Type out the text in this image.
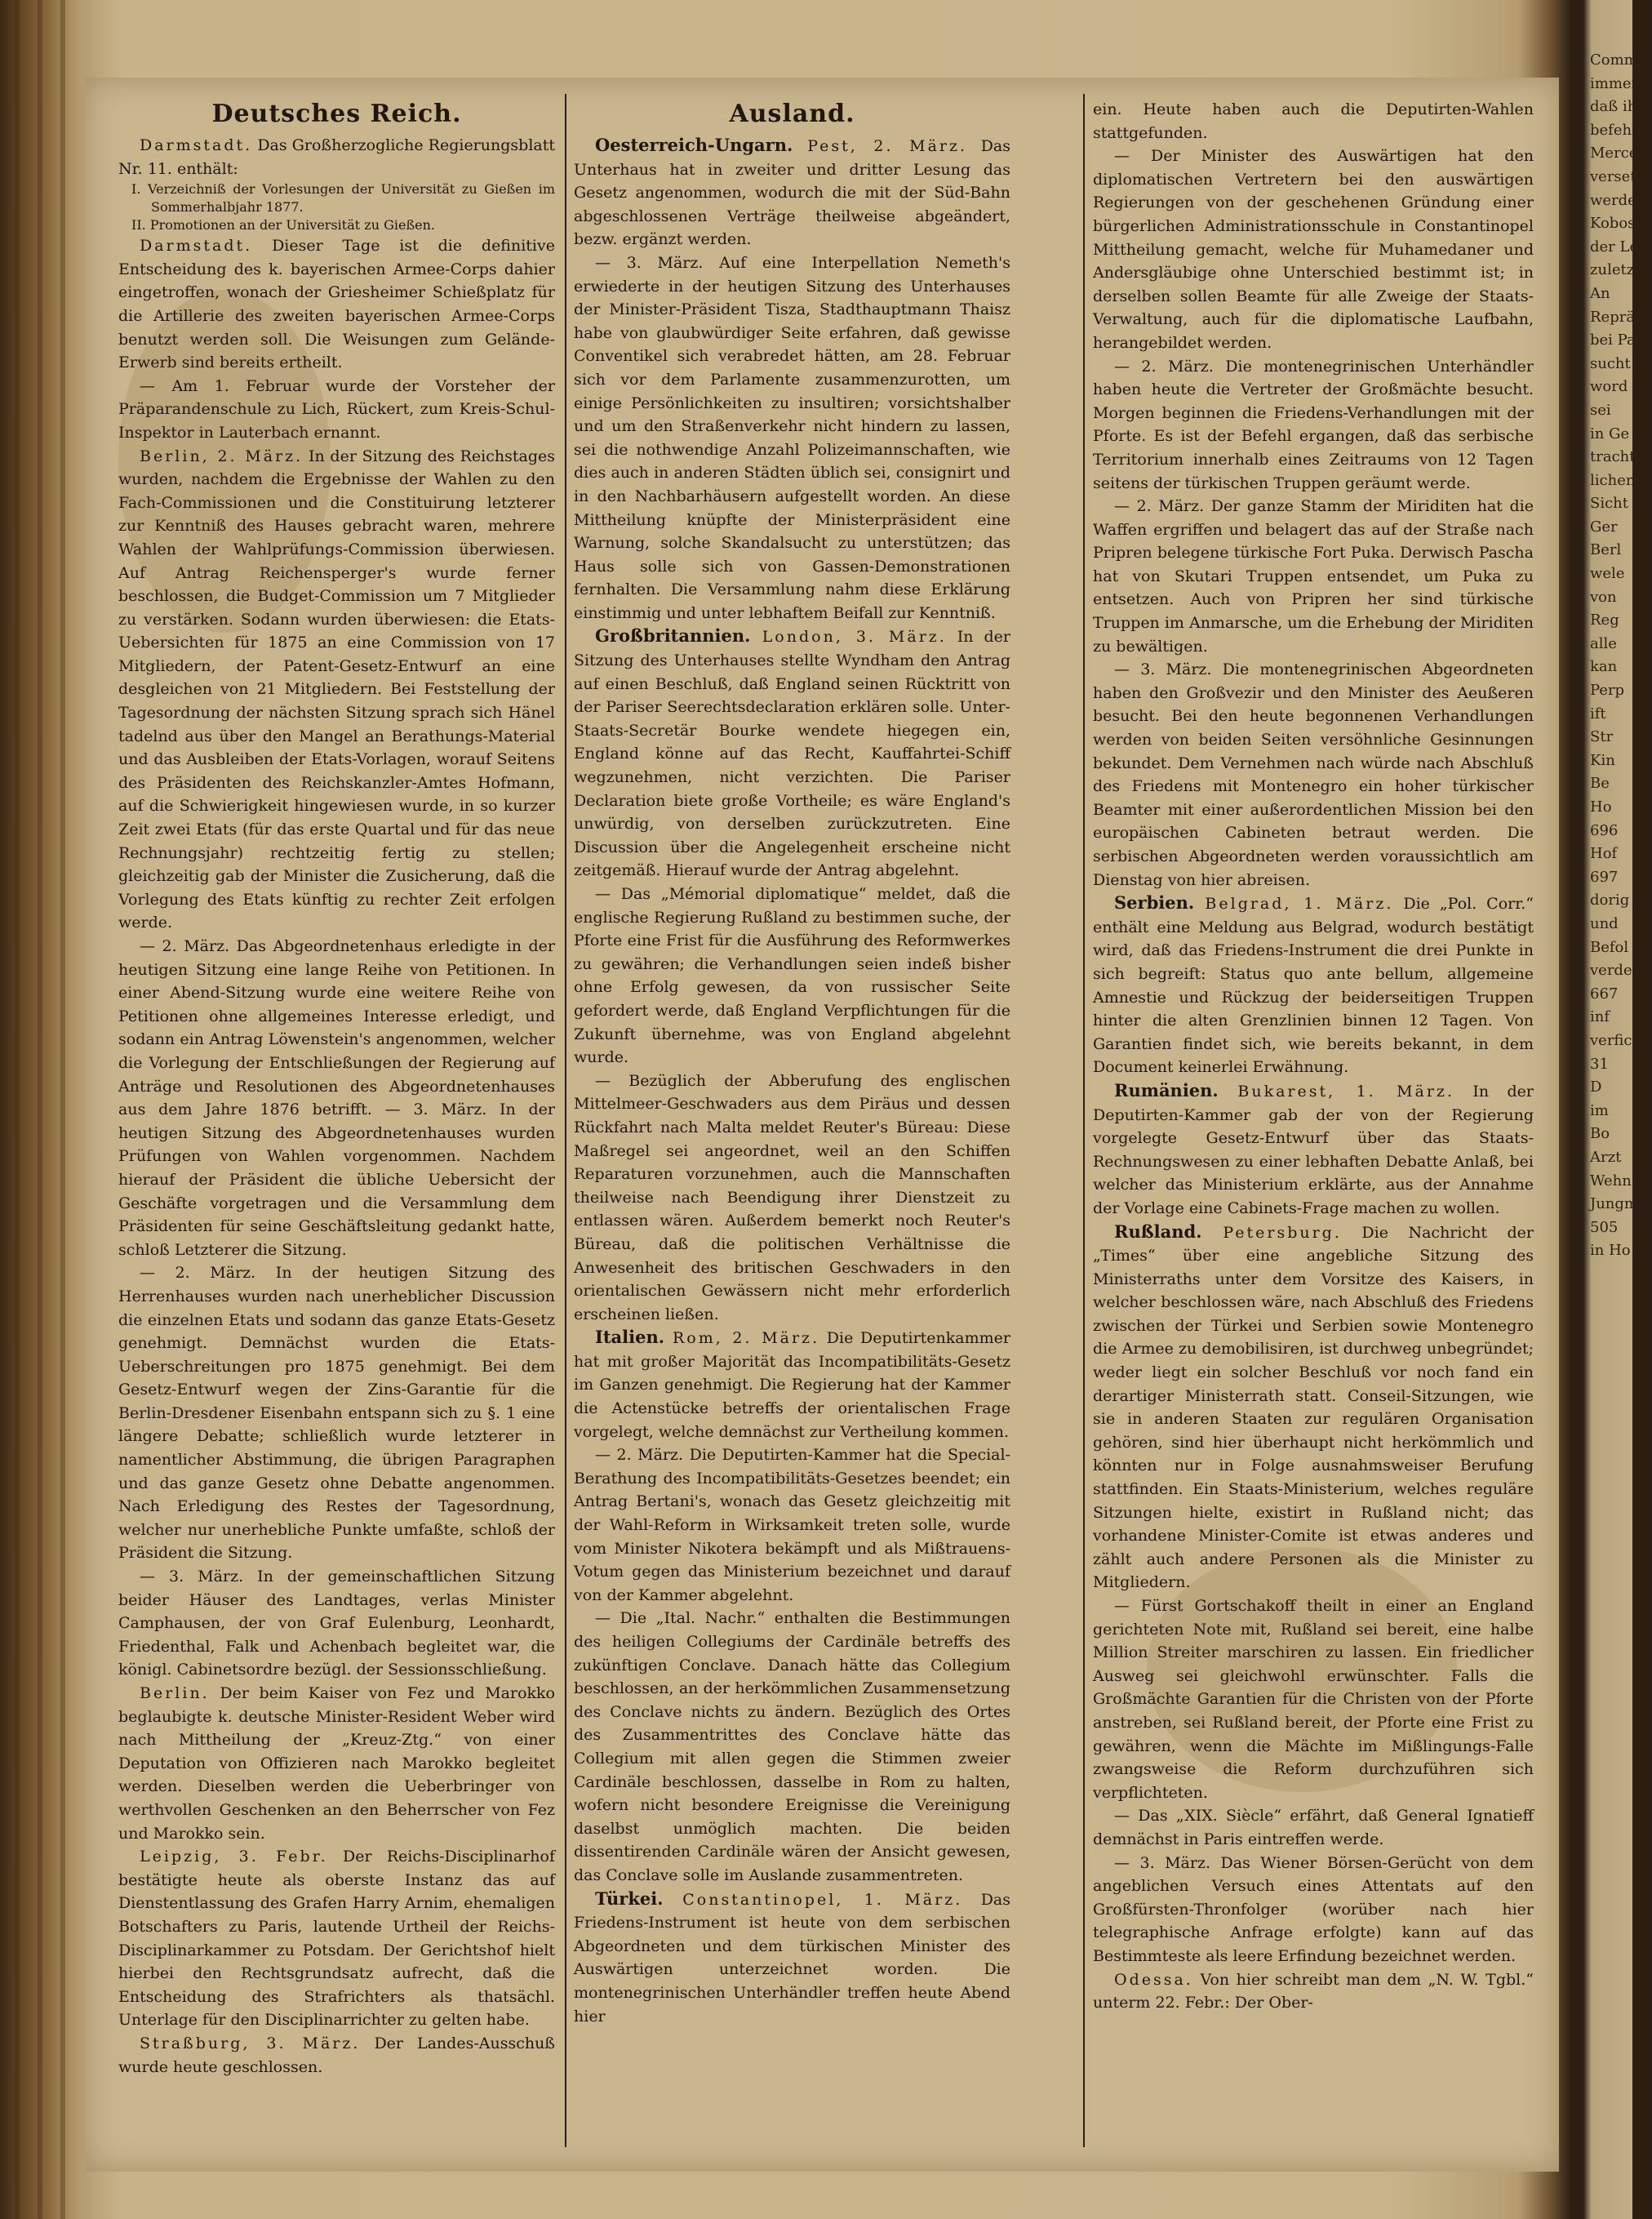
Deutsches Reich.

Darmstadt. Das Großherzogliche Regierungsblatt Nr. 11. enthält:

I. Verzeichniß der Vorlesungen der Universität zu Gießen im Sommerhalbjahr 1877.
II. Promotionen an der Universität zu Gießen.

Darmstadt. Dieser Tage ist die definitive Entscheidung des k. bayerischen Armee-Corps dahier eingetroffen, wonach der Griesheimer Schießplatz für die Artillerie des zweiten bayerischen Armee-Corps benutzt werden soll. Die Weisungen zum Gelände-Erwerb sind bereits ertheilt.

— Am 1. Februar wurde der Vorsteher der Präparandenschule zu Lich, Rückert, zum Kreis-Schul-Inspektor in Lauterbach ernannt.

Berlin, 2. März. In der Sitzung des Reichstages wurden, nachdem die Ergebnisse der Wahlen zu den Fach-Commissionen und die Constituirung letzterer zur Kenntniß des Hauses gebracht waren, mehrere Wahlen der Wahlprüfungs-Commission überwiesen. Auf Antrag Reichensperger's wurde ferner beschlossen, die Budget-Commission um 7 Mitglieder zu verstärken. Sodann wurden überwiesen: die Etats-Uebersichten für 1875 an eine Commission von 17 Mitgliedern, der Patent-Gesetz-Entwurf an eine desgleichen von 21 Mitgliedern. Bei Feststellung der Tagesordnung der nächsten Sitzung sprach sich Hänel tadelnd aus über den Mangel an Berathungs-Material und das Ausbleiben der Etats-Vorlagen, worauf Seitens des Präsidenten des Reichskanzler-Amtes Hofmann, auf die Schwierigkeit hingewiesen wurde, in so kurzer Zeit zwei Etats (für das erste Quartal und für das neue Rechnungsjahr) rechtzeitig fertig zu stellen; gleichzeitig gab der Minister die Zusicherung, daß die Vorlegung des Etats künftig zu rechter Zeit erfolgen werde.

— 2. März. Das Abgeordnetenhaus erledigte in der heutigen Sitzung eine lange Reihe von Petitionen. In einer Abend-Sitzung wurde eine weitere Reihe von Petitionen ohne allgemeines Interesse erledigt, und sodann ein Antrag Löwenstein's angenommen, welcher die Vorlegung der Entschließungen der Regierung auf Anträge und Resolutionen des Abgeordnetenhauses aus dem Jahre 1876 betrifft. — 3. März. In der heutigen Sitzung des Abgeordnetenhauses wurden Prüfungen von Wahlen vorgenommen. Nachdem hierauf der Präsident die übliche Uebersicht der Geschäfte vorgetragen und die Versammlung dem Präsidenten für seine Geschäftsleitung gedankt hatte, schloß Letzterer die Sitzung.

— 2. März. In der heutigen Sitzung des Herrenhauses wurden nach unerheblicher Discussion die einzelnen Etats und sodann das ganze Etats-Gesetz genehmigt. Demnächst wurden die Etats-Ueberschreitungen pro 1875 genehmigt. Bei dem Gesetz-Entwurf wegen der Zins-Garantie für die Berlin-Dresdener Eisenbahn entspann sich zu §. 1 eine längere Debatte; schließlich wurde letzterer in namentlicher Abstimmung, die übrigen Paragraphen und das ganze Gesetz ohne Debatte angenommen. Nach Erledigung des Restes der Tagesordnung, welcher nur unerhebliche Punkte umfaßte, schloß der Präsident die Sitzung.

— 3. März. In der gemeinschaftlichen Sitzung beider Häuser des Landtages, verlas Minister Camphausen, der von Graf Eulenburg, Leonhardt, Friedenthal, Falk und Achenbach begleitet war, die königl. Cabinetsordre bezügl. der Sessionsschließung.

Berlin. Der beim Kaiser von Fez und Marokko beglaubigte k. deutsche Minister-Resident Weber wird nach Mittheilung der „Kreuz-Ztg.“ von einer Deputation von Offizieren nach Marokko begleitet werden. Dieselben werden die Ueberbringer von werthvollen Geschenken an den Beherrscher von Fez und Marokko sein.

Leipzig, 3. Febr. Der Reichs-Disciplinarhof bestätigte heute als oberste Instanz das auf Dienstentlassung des Grafen Harry Arnim, ehemaligen Botschafters zu Paris, lautende Urtheil der Reichs-Disciplinarkammer zu Potsdam. Der Gerichtshof hielt hierbei den Rechtsgrundsatz aufrecht, daß die Entscheidung des Strafrichters als thatsächl. Unterlage für den Disciplinarrichter zu gelten habe.

Straßburg, 3. März. Der Landes-Ausschuß wurde heute geschlossen.

Ausland.

Oesterreich-Ungarn. Pest, 2. März. Das Unterhaus hat in zweiter und dritter Lesung das Gesetz angenommen, wodurch die mit der Süd-Bahn abgeschlossenen Verträge theilweise abgeändert, bezw. ergänzt werden.

— 3. März. Auf eine Interpellation Nemeth's erwiederte in der heutigen Sitzung des Unterhauses der Minister-Präsident Tisza, Stadthauptmann Thaisz habe von glaubwürdiger Seite erfahren, daß gewisse Conventikel sich verabredet hätten, am 28. Februar sich vor dem Parlamente zusammenzurotten, um einige Persönlichkeiten zu insultiren; vorsichtshalber und um den Straßenverkehr nicht hindern zu lassen, sei die nothwendige Anzahl Polizeimannschaften, wie dies auch in anderen Städten üblich sei, consignirt und in den Nachbarhäusern aufgestellt worden. An diese Mittheilung knüpfte der Ministerpräsident eine Warnung, solche Skandalsucht zu unterstützen; das Haus solle sich von Gassen-Demonstrationen fernhalten. Die Versammlung nahm diese Erklärung einstimmig und unter lebhaftem Beifall zur Kenntniß.

Großbritannien. London, 3. März. In der Sitzung des Unterhauses stellte Wyndham den Antrag auf einen Beschluß, daß England seinen Rücktritt von der Pariser Seerechtsdeclaration erklären solle. Unter-Staats-Secretär Bourke wendete hiegegen ein, England könne auf das Recht, Kauffahrtei-Schiff wegzunehmen, nicht verzichten. Die Pariser Declaration biete große Vortheile; es wäre England's unwürdig, von derselben zurückzutreten. Eine Discussion über die Angelegenheit erscheine nicht zeitgemäß. Hierauf wurde der Antrag abgelehnt.

— Das „Mémorial diplomatique“ meldet, daß die englische Regierung Rußland zu bestimmen suche, der Pforte eine Frist für die Ausführung des Reformwerkes zu gewähren; die Verhandlungen seien indeß bisher ohne Erfolg gewesen, da von russischer Seite gefordert werde, daß England Verpflichtungen für die Zukunft übernehme, was von England abgelehnt wurde.

— Bezüglich der Abberufung des englischen Mittelmeer-Geschwaders aus dem Piräus und dessen Rückfahrt nach Malta meldet Reuter's Büreau: Diese Maßregel sei angeordnet, weil an den Schiffen Reparaturen vorzunehmen, auch die Mannschaften theilweise nach Beendigung ihrer Dienstzeit zu entlassen wären. Außerdem bemerkt noch Reuter's Büreau, daß die politischen Verhältnisse die Anwesenheit des britischen Geschwaders in den orientalischen Gewässern nicht mehr erforderlich erscheinen ließen.

Italien. Rom, 2. März. Die Deputirtenkammer hat mit großer Majorität das Incompatibilitäts-Gesetz im Ganzen genehmigt. Die Regierung hat der Kammer die Actenstücke betreffs der orientalischen Frage vorgelegt, welche demnächst zur Vertheilung kommen.

— 2. März. Die Deputirten-Kammer hat die Special-Berathung des Incompatibilitäts-Gesetzes beendet; ein Antrag Bertani's, wonach das Gesetz gleichzeitig mit der Wahl-Reform in Wirksamkeit treten solle, wurde vom Minister Nikotera bekämpft und als Mißtrauens-Votum gegen das Ministerium bezeichnet und darauf von der Kammer abgelehnt.

— Die „Ital. Nachr.“ enthalten die Bestimmungen des heiligen Collegiums der Cardinäle betreffs des zukünftigen Conclave. Danach hätte das Collegium beschlossen, an der herkömmlichen Zusammensetzung des Conclave nichts zu ändern. Bezüglich des Ortes des Zusammentrittes des Conclave hätte das Collegium mit allen gegen die Stimmen zweier Cardinäle beschlossen, dasselbe in Rom zu halten, wofern nicht besondere Ereignisse die Vereinigung daselbst unmöglich machten. Die beiden dissentirenden Cardinäle wären der Ansicht gewesen, das Conclave solle im Auslande zusammentreten.

Türkei. Constantinopel, 1. März. Das Friedens-Instrument ist heute von dem serbischen Abgeordneten und dem türkischen Minister des Auswärtigen unterzeichnet worden. Die montenegrinischen Unterhändler treffen heute Abend hier

ein. Heute haben auch die Deputirten-Wahlen stattgefunden.

— Der Minister des Auswärtigen hat den diplomatischen Vertretern bei den auswärtigen Regierungen von der geschehenen Gründung einer bürgerlichen Administrationsschule in Constantinopel Mittheilung gemacht, welche für Muhamedaner und Andersgläubige ohne Unterschied bestimmt ist; in derselben sollen Beamte für alle Zweige der Staats-Verwaltung, auch für die diplomatische Laufbahn, herangebildet werden.

— 2. März. Die montenegrinischen Unterhändler haben heute die Vertreter der Großmächte besucht. Morgen beginnen die Friedens-Verhandlungen mit der Pforte. Es ist der Befehl ergangen, daß das serbische Territorium innerhalb eines Zeitraums von 12 Tagen seitens der türkischen Truppen geräumt werde.

— 2. März. Der ganze Stamm der Miriditen hat die Waffen ergriffen und belagert das auf der Straße nach Pripren belegene türkische Fort Puka. Derwisch Pascha hat von Skutari Truppen entsendet, um Puka zu entsetzen. Auch von Pripren her sind türkische Truppen im Anmarsche, um die Erhebung der Miriditen zu bewältigen.

— 3. März. Die montenegrinischen Abgeordneten haben den Großvezir und den Minister des Aeußeren besucht. Bei den heute begonnenen Verhandlungen werden von beiden Seiten versöhnliche Gesinnungen bekundet. Dem Vernehmen nach würde nach Abschluß des Friedens mit Montenegro ein hoher türkischer Beamter mit einer außerordentlichen Mission bei den europäischen Cabineten betraut werden. Die serbischen Abgeordneten werden voraussichtlich am Dienstag von hier abreisen.

Serbien. Belgrad, 1. März. Die „Pol. Corr.“ enthält eine Meldung aus Belgrad, wodurch bestätigt wird, daß das Friedens-Instrument die drei Punkte in sich begreift: Status quo ante bellum, allgemeine Amnestie und Rückzug der beiderseitigen Truppen hinter die alten Grenzlinien binnen 12 Tagen. Von Garantien findet sich, wie bereits bekannt, in dem Document keinerlei Erwähnung.

Rumänien. Bukarest, 1. März. In der Deputirten-Kammer gab der von der Regierung vorgelegte Gesetz-Entwurf über das Staats-Rechnungswesen zu einer lebhaften Debatte Anlaß, bei welcher das Ministerium erklärte, aus der Annahme der Vorlage eine Cabinets-Frage machen zu wollen.

Rußland. Petersburg. Die Nachricht der „Times“ über eine angebliche Sitzung des Ministerraths unter dem Vorsitze des Kaisers, in welcher beschlossen wäre, nach Abschluß des Friedens zwischen der Türkei und Serbien sowie Montenegro die Armee zu demobilisiren, ist durchweg unbegründet; weder liegt ein solcher Beschluß vor noch fand ein derartiger Ministerrath statt. Conseil-Sitzungen, wie sie in anderen Staaten zur regulären Organisation gehören, sind hier überhaupt nicht herkömmlich und könnten nur in Folge ausnahmsweiser Berufung stattfinden. Ein Staats-Ministerium, welches reguläre Sitzungen hielte, existirt in Rußland nicht; das vorhandene Minister-Comite ist etwas anderes und zählt auch andere Personen als die Minister zu Mitgliedern.

— Fürst Gortschakoff theilt in einer an England gerichteten Note mit, Rußland sei bereit, eine halbe Million Streiter marschiren zu lassen. Ein friedlicher Ausweg sei gleichwohl erwünschter. Falls die Großmächte Garantien für die Christen von der Pforte anstreben, sei Rußland bereit, der Pforte eine Frist zu gewähren, wenn die Mächte im Mißlingungs-Falle zwangsweise die Reform durchzuführen sich verpflichteten.

— Das „XIX. Siècle“ erfährt, daß General Ignatieff demnächst in Paris eintreffen werde.

— 3. März. Das Wiener Börsen-Gerücht von dem angeblichen Versuch eines Attentats auf den Großfürsten-Thronfolger (worüber nach hier telegraphische Anfrage erfolgte) kann auf das Bestimmteste als leere Erfindung bezeichnet werden.

Odessa. Von hier schreibt man dem „N. W. Tgbl.“ unterm 22. Febr.: Der Ober-

Comma
immer
daß ihm
befehl b
Merces
versetzt
werden
Kobos
der Lem
zuletzt
An
Reprä
bei Pa
sucht
word
sei
in Ge
tracht
lichen
Sicht
Ger
Berl
wele
von
Reg
alle
kan
Perp
ift
Str
Kin
Be
Ho
696
Hof
697
dorig
und
Befol
verde
667
inf
verfich
31
D
im
Bo
Arzt
Wehn
Jungm
505
in Ho
